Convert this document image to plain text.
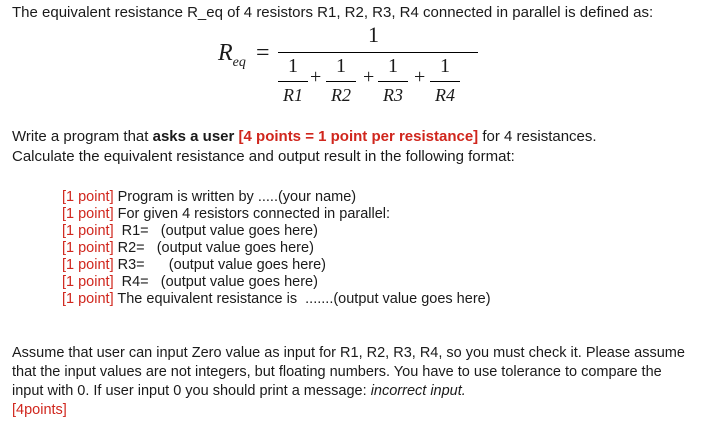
The equivalent resistance R_eq of 4 resistors R1, R2, R3, R4 connected in parallel is defined as:
$R_{eq}$ =
1
1
R1
+ 1
R2
+ 1
R3
+ 1
R4
Write a program that asks a user [4 points = 1 point per resistance] for 4 resistances.
Calculate the equivalent resistance and output result in the following format:
[1 point] Program is written by .....(your name)
[1 point] For given 4 resistors connected in parallel:
[1 point]  R1=   (output value goes here)
[1 point] R2=   (output value goes here)
[1 point] R3=      (output value goes here)
[1 point]  R4=   (output value goes here)
[1 point] The equivalent resistance is  .......(output value goes here)
Assume that user can input Zero value as input for R1, R2, R3, R4, so you must check it. Please assume that the input values are not integers, but floating numbers. You have to use tolerance to compare the input with 0. If user input 0 you should print a message: incorrect input.
[4points]
